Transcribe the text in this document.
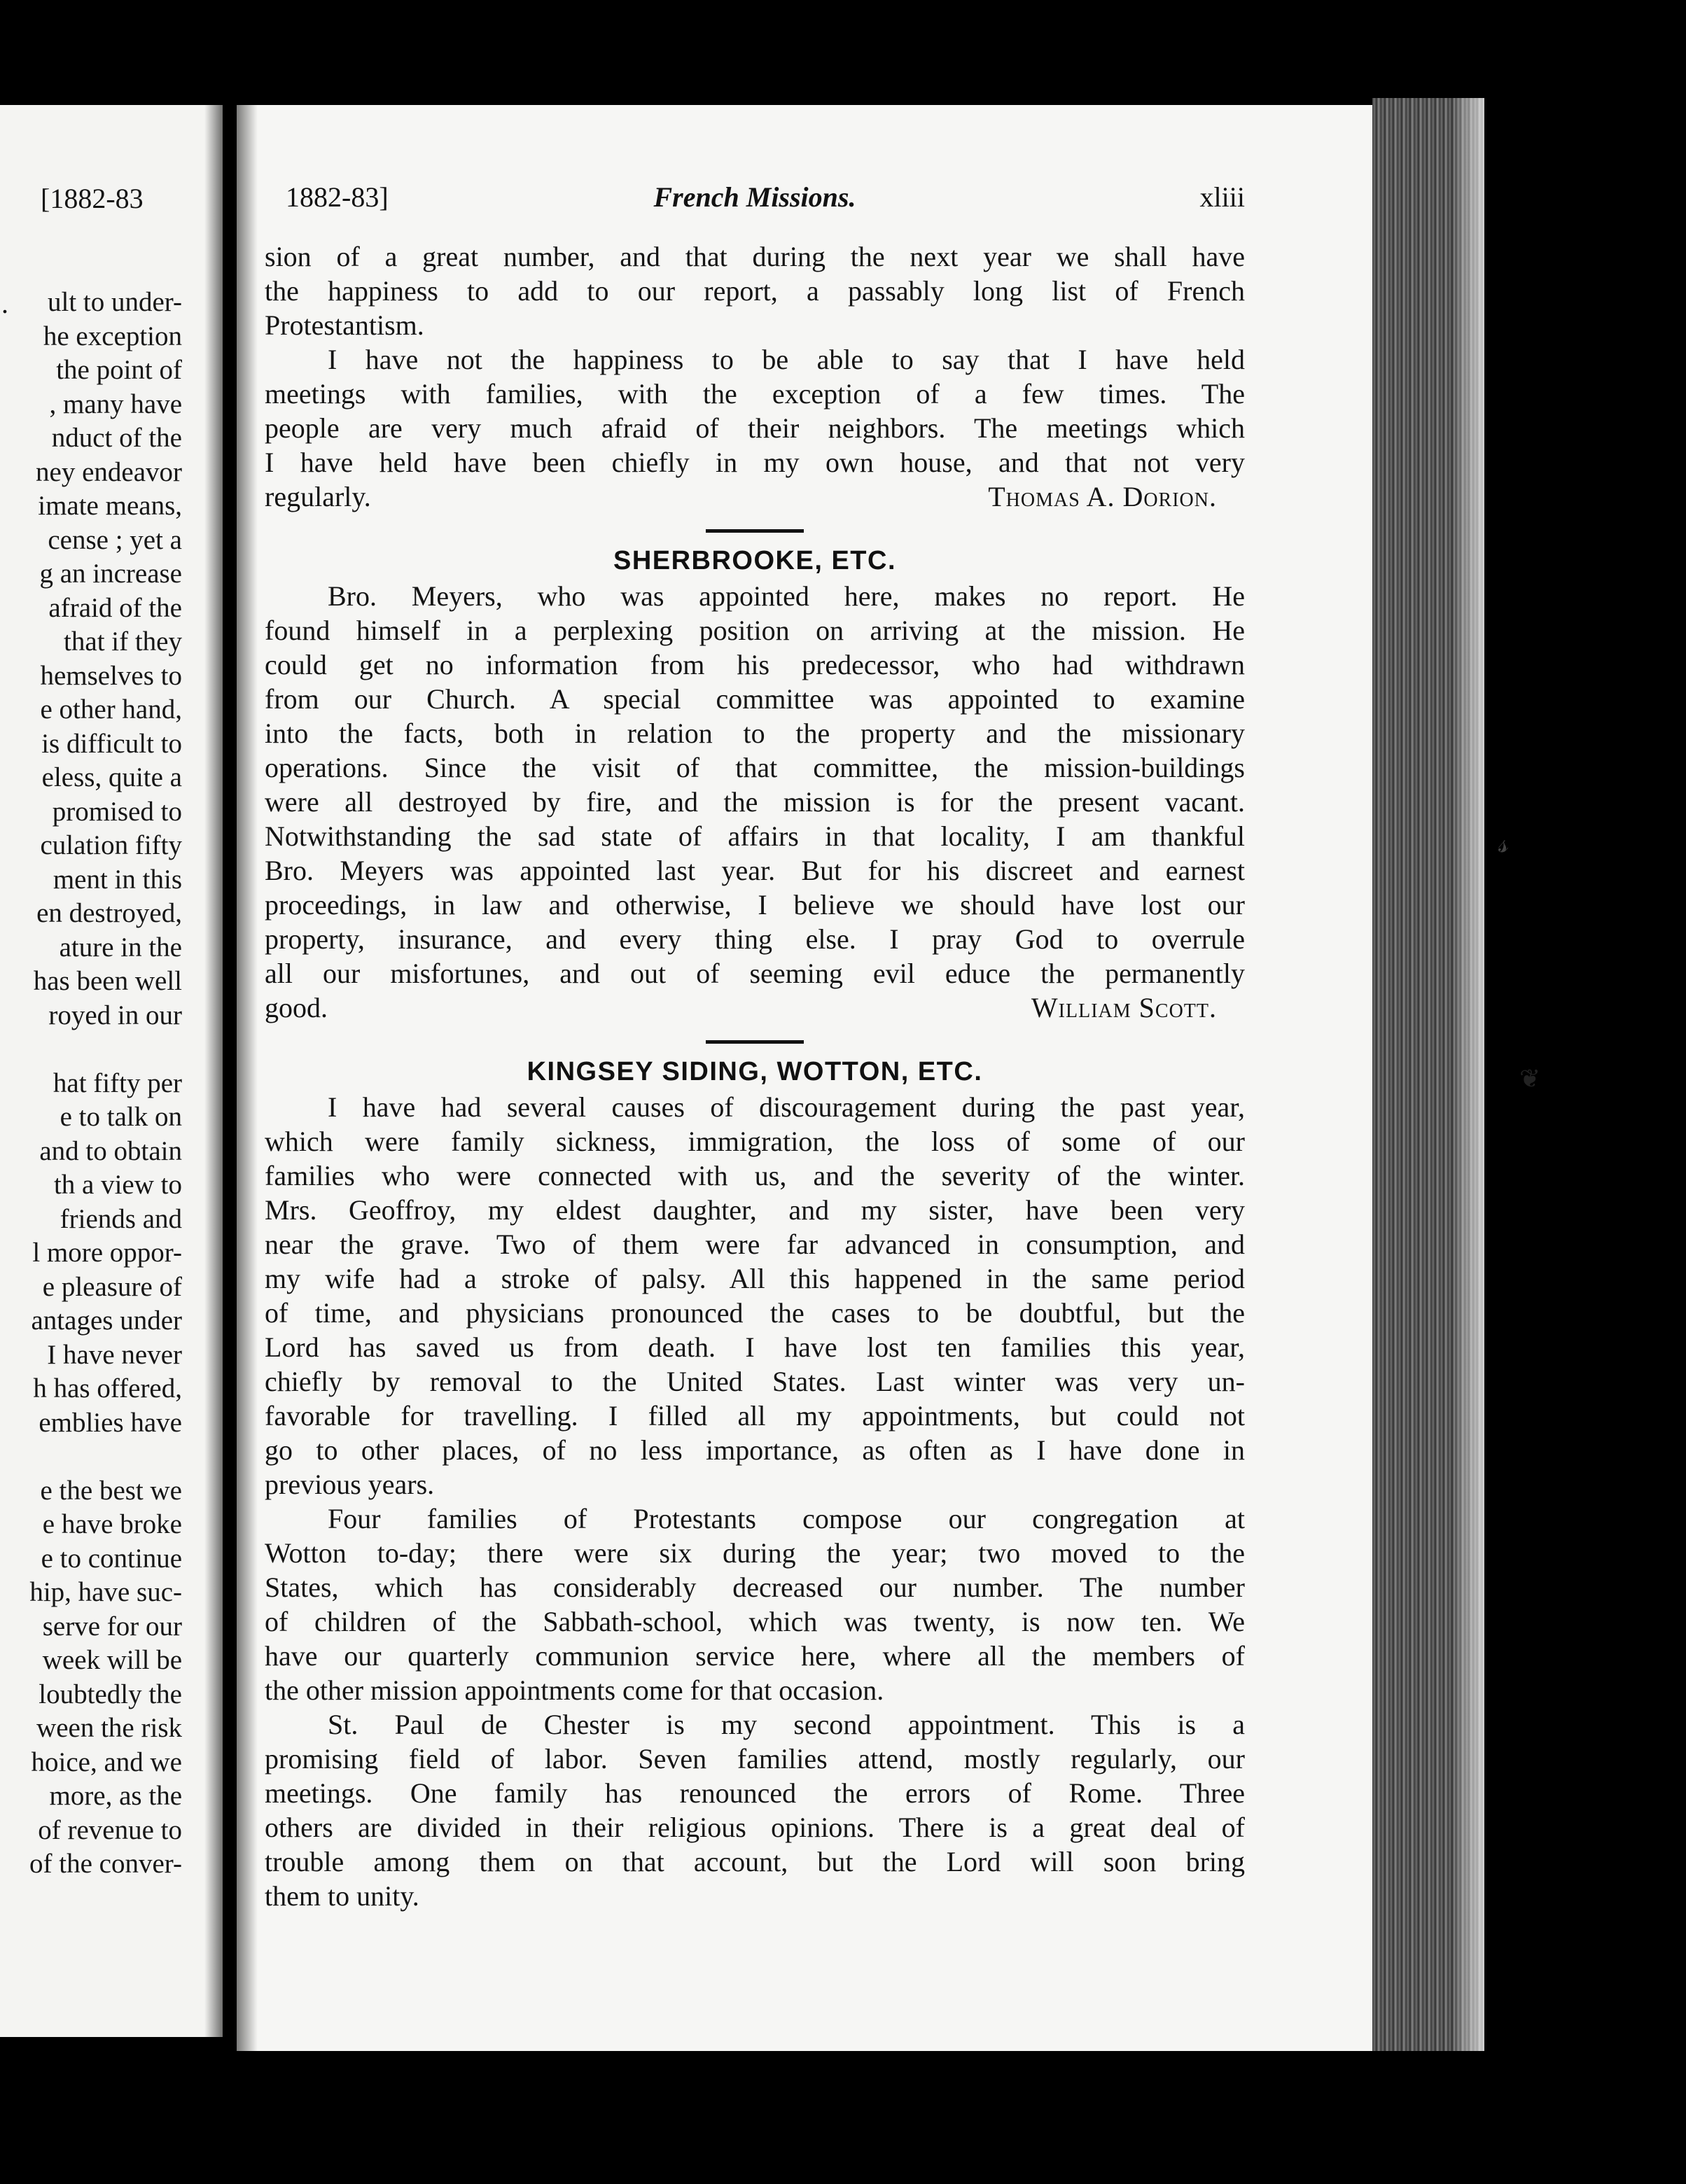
[1882-83
.	ult to under-
he exception
the point of
, many have
nduct of the
ney endeavor
imate means,
cense ; yet a
g an increase
afraid of the
that if they
hemselves to
e other hand,
is difficult to
eless, quite a
promised to
culation fifty
ment in this
en destroyed,
ature in the
has been well
royed in our
hat fifty per
e to talk on
and to obtain
th a view to
friends and
l more oppor-
e pleasure of
antages under
I have never
h has offered,
emblies have
e the best we
e have broke
e to continue
hip, have suc-
serve for our
week will be
loubtedly the
ween the risk
hoice, and we
more, as the
of revenue to
of the conver-
1882-83]	French Missions.	xliii
sion of a great number, and that during the next year we shall have
the happiness to add to our report, a passably long list of French
Protestantism.
I have not the happiness to be able to say that I have held
meetings with families, with the exception of a few times. The
people are very much afraid of their neighbors. The meetings which
I have held have been chiefly in my own house, and that not very
regularly.	Thomas A. Dorion.
SHERBROOKE, ETC.
Bro. Meyers, who was appointed here, makes no report. He
found himself in a perplexing position on arriving at the mission. He
could get no information from his predecessor, who had withdrawn
from our Church. A special committee was appointed to examine
into the facts, both in relation to the property and the missionary
operations. Since the visit of that committee, the mission-buildings
were all destroyed by fire, and the mission is for the present vacant.
Notwithstanding the sad state of affairs in that locality, I am thankful
Bro. Meyers was appointed last year. But for his discreet and earnest
proceedings, in law and otherwise, I believe we should have lost our
property, insurance, and every thing else. I pray God to overrule
all our misfortunes, and out of seeming evil educe the permanently
good.	William Scott.
KINGSEY SIDING, WOTTON, ETC.
I have had several causes of discouragement during the past year,
which were family sickness, immigration, the loss of some of our
families who were connected with us, and the severity of the winter.
Mrs. Geoffroy, my eldest daughter, and my sister, have been very
near the grave. Two of them were far advanced in consumption, and
my wife had a stroke of palsy. All this happened in the same period
of time, and physicians pronounced the cases to be doubtful, but the
Lord has saved us from death. I have lost ten families this year,
chiefly by removal to the United States. Last winter was very un-
favorable for travelling. I filled all my appointments, but could not
go to other places, of no less importance, as often as I have done in
previous years.
Four families of Protestants compose our congregation at
Wotton to-day; there were six during the year; two moved to the
States, which has considerably decreased our number. The number
of children of the Sabbath-school, which was twenty, is now ten. We
have our quarterly communion service here, where all the members of
the other mission appointments come for that occasion.
St. Paul de Chester is my second appointment. This is a
promising field of labor. Seven families attend, mostly regularly, our
meetings. One family has renounced the errors of Rome. Three
others are divided in their religious opinions. There is a great deal of
trouble among them on that account, but the Lord will soon bring
them to unity.
𝓈
❦
